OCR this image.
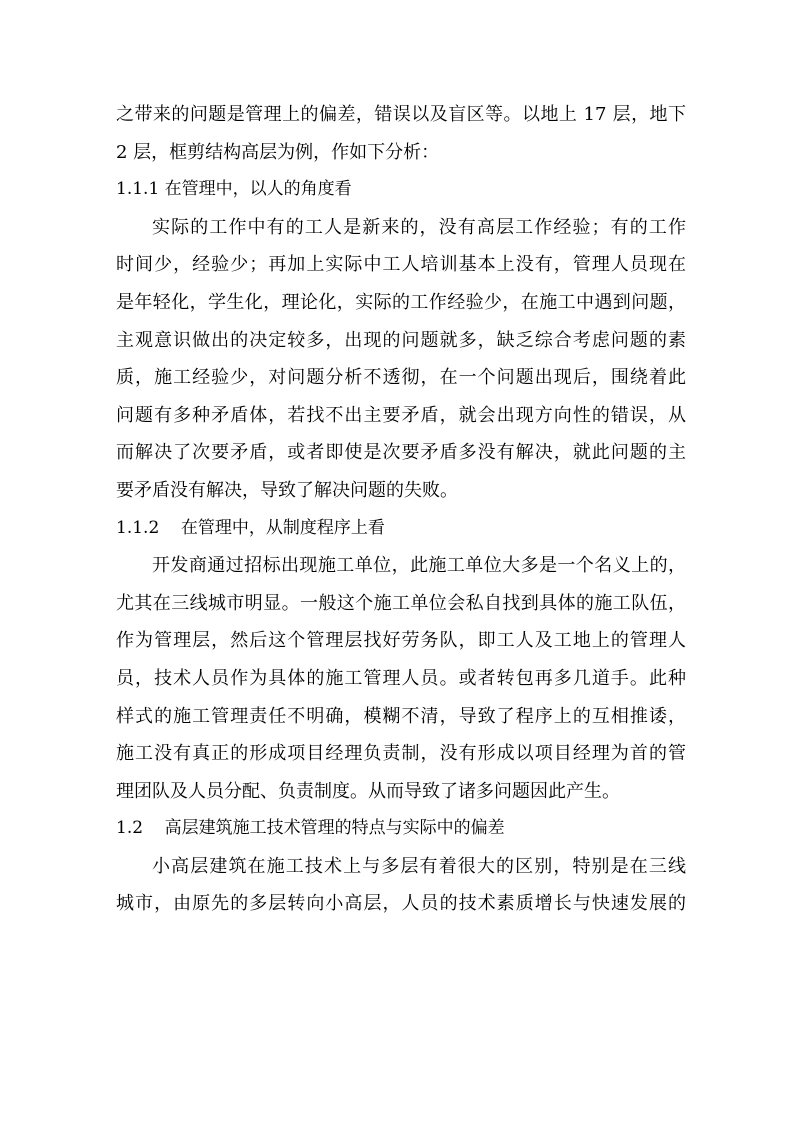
之带来的问题是管理上的偏差，错误以及盲区等。以地上 17 层，地下
2 层，框剪结构高层为例，作如下分析：
1.1.1 在管理中，以人的角度看
实际的工作中有的工人是新来的，没有高层工作经验；有的工作
时间少，经验少；再加上实际中工人培训基本上没有，管理人员现在
是年轻化，学生化，理论化，实际的工作经验少，在施工中遇到问题，
主观意识做出的决定较多，出现的问题就多，缺乏综合考虑问题的素
质，施工经验少，对问题分析不透彻，在一个问题出现后，围绕着此
问题有多种矛盾体，若找不出主要矛盾，就会出现方向性的错误，从
而解决了次要矛盾，或者即使是次要矛盾多没有解决，就此问题的主
要矛盾没有解决，导致了解决问题的失败。
1.1.2    在管理中，从制度程序上看
开发商通过招标出现施工单位，此施工单位大多是一个名义上的，
尤其在三线城市明显。一般这个施工单位会私自找到具体的施工队伍，
作为管理层，然后这个管理层找好劳务队，即工人及工地上的管理人
员，技术人员作为具体的施工管理人员。或者转包再多几道手。此种
样式的施工管理责任不明确，模糊不清，导致了程序上的互相推诿，
施工没有真正的形成项目经理负责制，没有形成以项目经理为首的管
理团队及人员分配、负责制度。从而导致了诸多问题因此产生。
1.2    高层建筑施工技术管理的特点与实际中的偏差
小高层建筑在施工技术上与多层有着很大的区别，特别是在三线
城市，由原先的多层转向小高层，人员的技术素质增长与快速发展的
